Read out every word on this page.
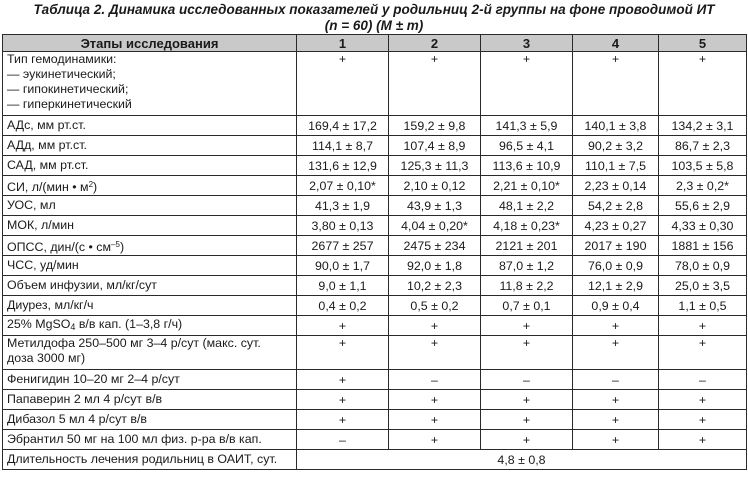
Таблица 2. Динамика исследованных показателей у родильниц 2-й группы на фоне проводимой ИТ
(n = 60) (M ± m)
Этапы исследования	1	2	3	4	5

Тип гемодинамики:
— эукинетический;
— гипокинетический;
— гиперкинетический	+	+	+	+	+
АДс, мм рт.ст.	169,4 ± 17,2	159,2 ± 9,8	141,3 ± 5,9	140,1 ± 3,8	134,2 ± 3,1
АДд, мм рт.ст.	114,1 ± 8,7	107,4 ± 8,9	96,5 ± 4,1	90,2 ± 3,2	86,7 ± 2,3
САД, мм рт.ст.	131,6 ± 12,9	125,3 ± 11,3	113,6 ± 10,9	110,1 ± 7,5	103,5 ± 5,8
СИ, л/(мин • $м^2$)	2,07 ± 0,10*	2,10 ± 0,12	2,21 ± 0,10*	2,23 ± 0,14	2,3 ± 0,2*
УОС, мл	41,3 ± 1,9	43,9 ± 1,3	48,1 ± 2,2	54,2 ± 2,8	55,6 ± 2,9
МОК, л/мин	3,80 ± 0,13	4,04 ± 0,20*	4,18 ± 0,23*	4,23 ± 0,27	4,33 ± 0,30
ОПСС, дин/(с • $см^{-5}$)	2677 ± 257	2475 ± 234	2121 ± 201	2017 ± 190	1881 ± 156
ЧСС, уд/мин	90,0 ± 1,7	92,0 ± 1,8	87,0 ± 1,2	76,0 ± 0,9	78,0 ± 0,9
Объем инфузии, мл/кг/сут	9,0 ± 1,1	10,2 ± 2,3	11,8 ± 2,2	12,1 ± 2,9	25,0 ± 3,5
Диурез, мл/кг/ч	0,4 ± 0,2	0,5 ± 0,2	0,7 ± 0,1	0,9 ± 0,4	1,1 ± 0,5
25% MgSO$_4$ в/в кап. (1–3,8 г/ч)	+	+	+	+	+

Метилдофа 250–500 мг 3–4 р/сут (макс. сут.
доза 3000 мг)	+	+	+	+	+
Фенигидин 10–20 мг 2–4 р/сут	+	–	–	–	–
Папаверин 2 мл 4 р/сут в/в	+	+	+	+	+
Дибазол 5 мл 4 р/сут в/в	+	+	+	+	+
Эбрантил 50 мг на 100 мл физ. р-ра в/в кап.	–	+	+	+	+
Длительность лечения родильниц в ОАИТ, сут.	4,8 ± 0,8				
